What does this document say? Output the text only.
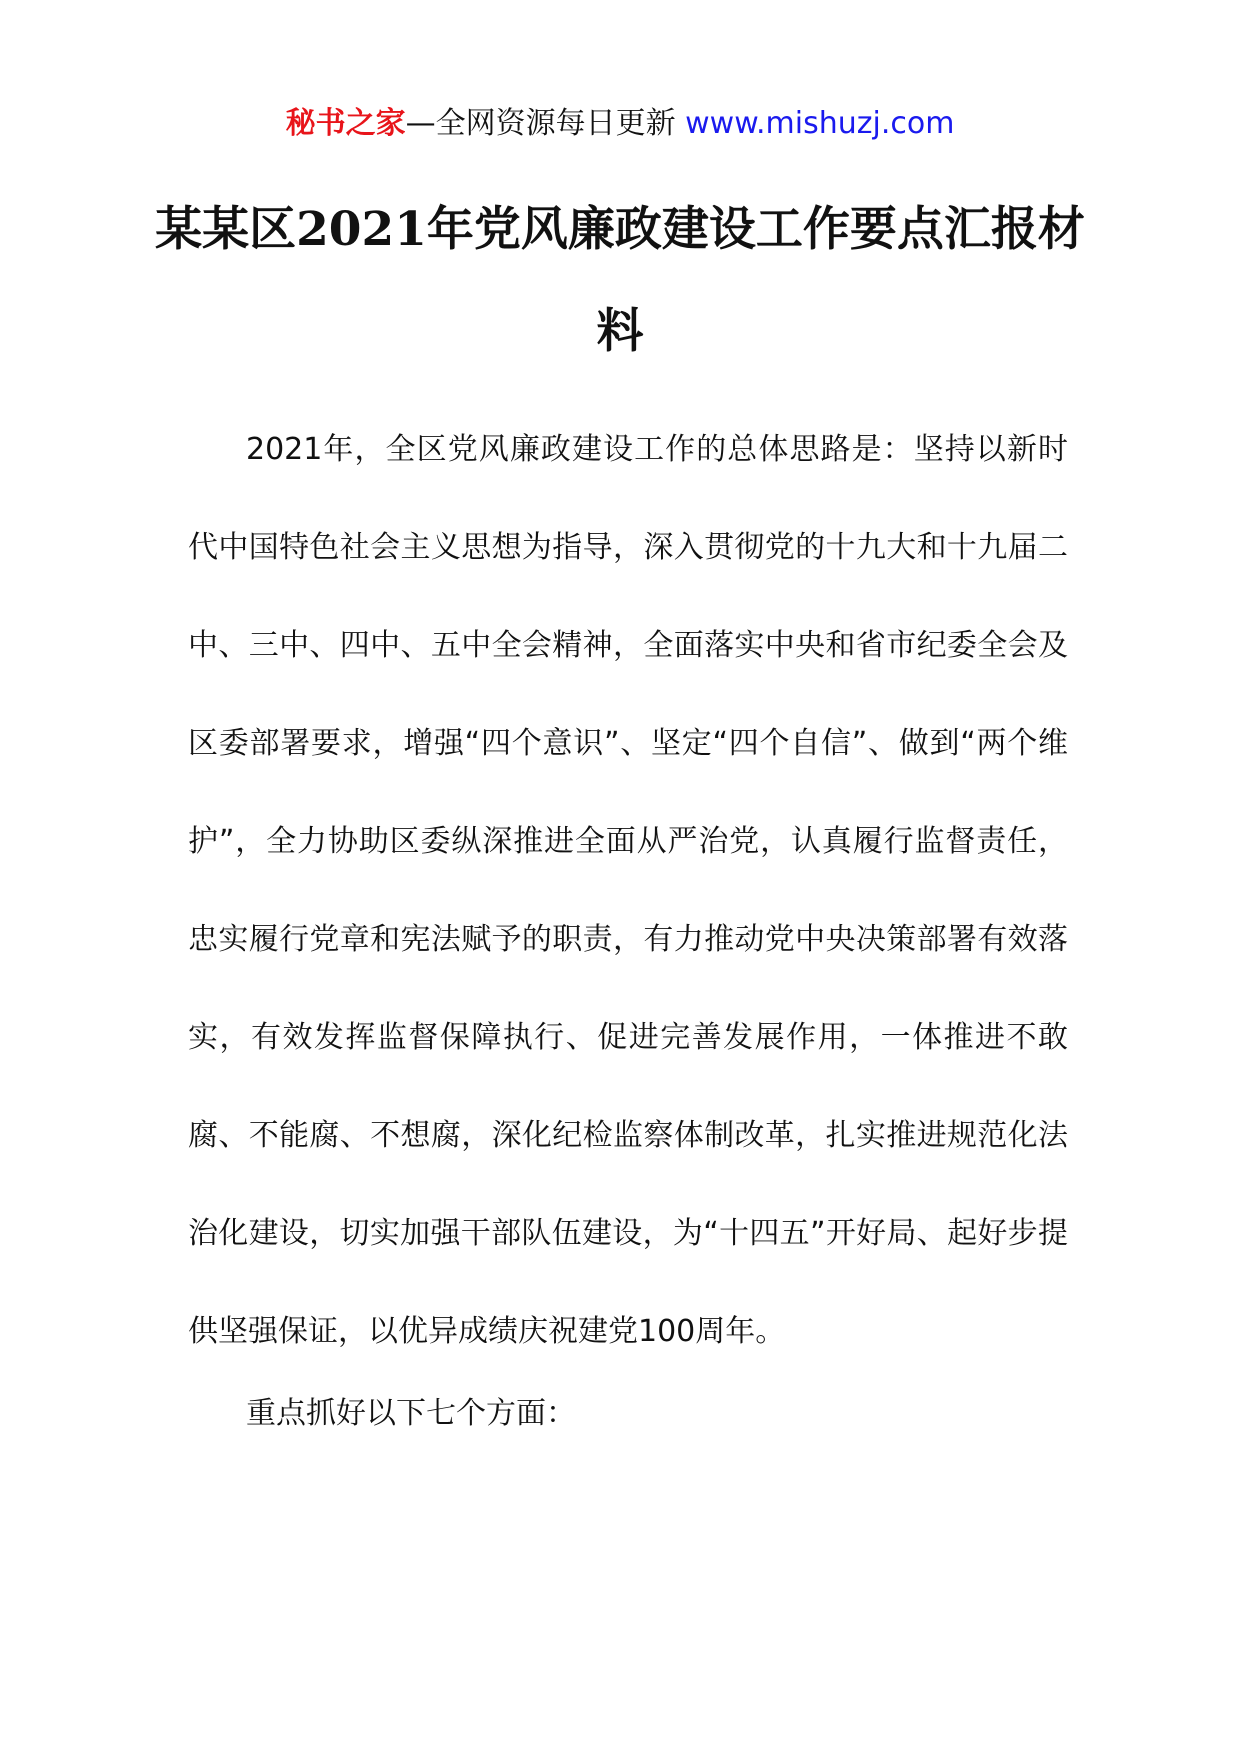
秘书之家—全网资源每日更新 www.mishuzj.com
某某区2021年党风廉政建设工作要点汇报材料

2021年，全区党风廉政建设工作的总体思路是：坚持以新时代中国特色社会主义思想为指导，深入贯彻党的十九大和十九届二中、三中、四中、五中全会精神，全面落实中央和省市纪委全会及区委部署要求，增强“四个意识”、坚定“四个自信”、做到“两个维护”，全力协助区委纵深推进全面从严治党，认真履行监督责任，忠实履行党章和宪法赋予的职责，有力推动党中央决策部署有效落实，有效发挥监督保障执行、促进完善发展作用，一体推进不敢腐、不能腐、不想腐，深化纪检监察体制改革，扎实推进规范化法治化建设，切实加强干部队伍建设，为“十四五”开好局、起好步提供坚强保证，以优异成绩庆祝建党100周年。

重点抓好以下七个方面：
